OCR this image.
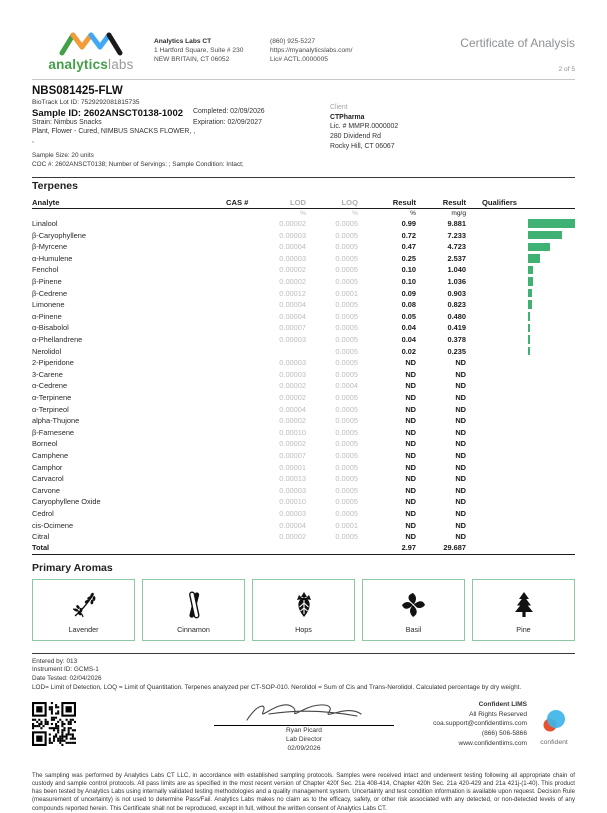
analyticslabs
Analytics Labs CT
1 Hartford Square, Suite # 230
NEW BRITAIN, CT 06052
(860) 925-5227
https://myanalyticslabs.com/
Lic# ACTL.0000005
Certificate of Analysis
2 of 5
NBS081425-FLW
BioTrack Lot ID: 7529292081815735
Sample ID: 2602ANSCT0138-1002	Completed: 02/09/2026
Strain: Nimbus Snacks	Expiration: 02/09/2027
Plant, Flower - Cured, NIMBUS SNACKS FLOWER, ,
,
Sample Size: 20 units
COC #: 2602ANSCT0138; Number of Servings: ; Sample Condition: Intact;
Client
CTPharma
Lic. # MMPR.0000002
280 Dividend Rd
Rocky Hill, CT 06067
Terpenes
Analyte	CAS #	LOD	LOQ	Result	Result	Qualifiers	
		%	%	%	mg/g		
Linalool		0.00002	0.0005	0.99	9.881		

β-Caryophyllene		0.00003	0.0005	0.72	7.233		

β-Myrcene		0.00004	0.0005	0.47	4.723		

α-Humulene		0.00003	0.0005	0.25	2.537		

Fenchol		0.00002	0.0005	0.10	1.040		

β-Pinene		0.00002	0.0005	0.10	1.036		

β-Cedrene		0.00012	0.0001	0.09	0.903		

Limonene		0.00004	0.0005	0.08	0.823		

α-Pinene		0.00004	0.0005	0.05	0.480		

α-Bisabolol		0.00007	0.0005	0.04	0.419		

α-Phellandrene		0.00003	0.0005	0.04	0.378		

Nerolidol			0.0005	0.02	0.235		

2-Piperidone		0.00003	0.0005	ND	ND		
3-Carene		0.00003	0.0005	ND	ND		
α-Cedrene		0.00002	0.0004	ND	ND		
α-Terpinene		0.00002	0.0005	ND	ND		
α-Terpineol		0.00004	0.0005	ND	ND		
alpha-Thujone		0.00002	0.0005	ND	ND		
β-Farnesene		0.00010	0.0005	ND	ND		
Borneol		0.00002	0.0005	ND	ND		
Camphene		0.00007	0.0005	ND	ND		
Camphor		0.00001	0.0005	ND	ND		
Carvacrol		0.00013	0.0005	ND	ND		
Carvone		0.00003	0.0005	ND	ND		
Caryophyllene Oxide		0.00010	0.0005	ND	ND		
Cedrol		0.00003	0.0005	ND	ND		
cis-Ocimene		0.00004	0.0001	ND	ND		
Citral		0.00002	0.0005	ND	ND		
Total				2.97	29.687		
Primary Aromas
Lavender	Cinnamon	Hops	Basil	Pine
Entered by: 013
Instrument ID: GCMS-1
Date Tested: 02/04/2026
LOD= Limit of Detection, LOQ = Limit of Quantitation. Terpenes analyzed per CT-SOP-010. Nerolidol = Sum of Cis and Trans-Nerolidol. Calculated percentage by dry weight.
Ryan Picard
Lab Director
02/09/2026
Confident LIMS
All Rights Reserved
coa.support@confidentlims.com
(866) 506-5866
www.confidentlims.com	confident
The sampling was performed by Analytics Labs CT LLC, in accordance with established sampling protocols. Samples were received intact and underwent testing following all appropriate chain of custody and sample control protocols. All pass limits are as specified in the most recent version of Chapter 420f Sec. 21a 408-414, Chapter 420h Sec. 21a 420-429 and 21a 421j-(1-40). This product has been tested by Analytics Labs using internally validated testing methodologies and a quality management system. Uncertainty and test condition information is available upon request. Decision Rule (measurement of uncertainty) is not used to determine Pass/Fail. Analytics Labs makes no claim as to the efficacy, safety, or other risk associated with any detected, or non-detected levels of any compounds reported herein. This Certificate shall not be reproduced, except in full, without the written consent of Analytics Labs CT.
